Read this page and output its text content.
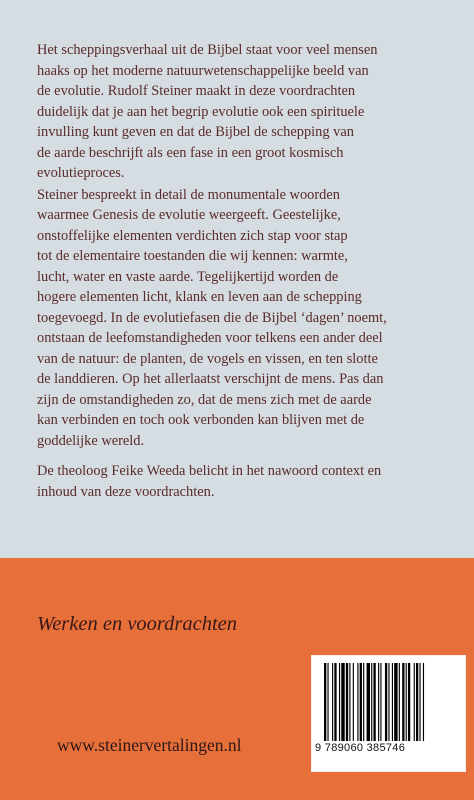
Het scheppingsverhaal uit de Bijbel staat voor veel mensen
haaks op het moderne natuurwetenschappelijke beeld van
de evolutie. Rudolf Steiner maakt in deze voordrachten
duidelijk dat je aan het begrip evolutie ook een spirituele
invulling kunt geven en dat de Bijbel de schepping van
de aarde beschrijft als een fase in een groot kosmisch
evolutieproces.

Steiner bespreekt in detail de monumentale woorden
waarmee Genesis de evolutie weergeeft. Geestelijke,
onstoffelijke elementen verdichten zich stap voor stap
tot de elementaire toestanden die wij kennen: warmte,
lucht, water en vaste aarde. Tegelijkertijd worden de
hogere elementen licht, klank en leven aan de schepping
toegevoegd. In de evolutiefasen die de Bijbel ‘dagen’ noemt,
ontstaan de leefomstandigheden voor telkens een ander deel
van de natuur: de planten, de vogels en vissen, en ten slotte
de landdieren. Op het allerlaatst verschijnt de mens. Pas dan
zijn de omstandigheden zo, dat de mens zich met de aarde
kan verbinden en toch ook verbonden kan blijven met de
goddelijke wereld.

De theoloog Feike Weeda belicht in het nawoord context en
inhoud van deze voordrachten.

Werken en voordrachten
www.steinervertalingen.nl	9 789060 385746
